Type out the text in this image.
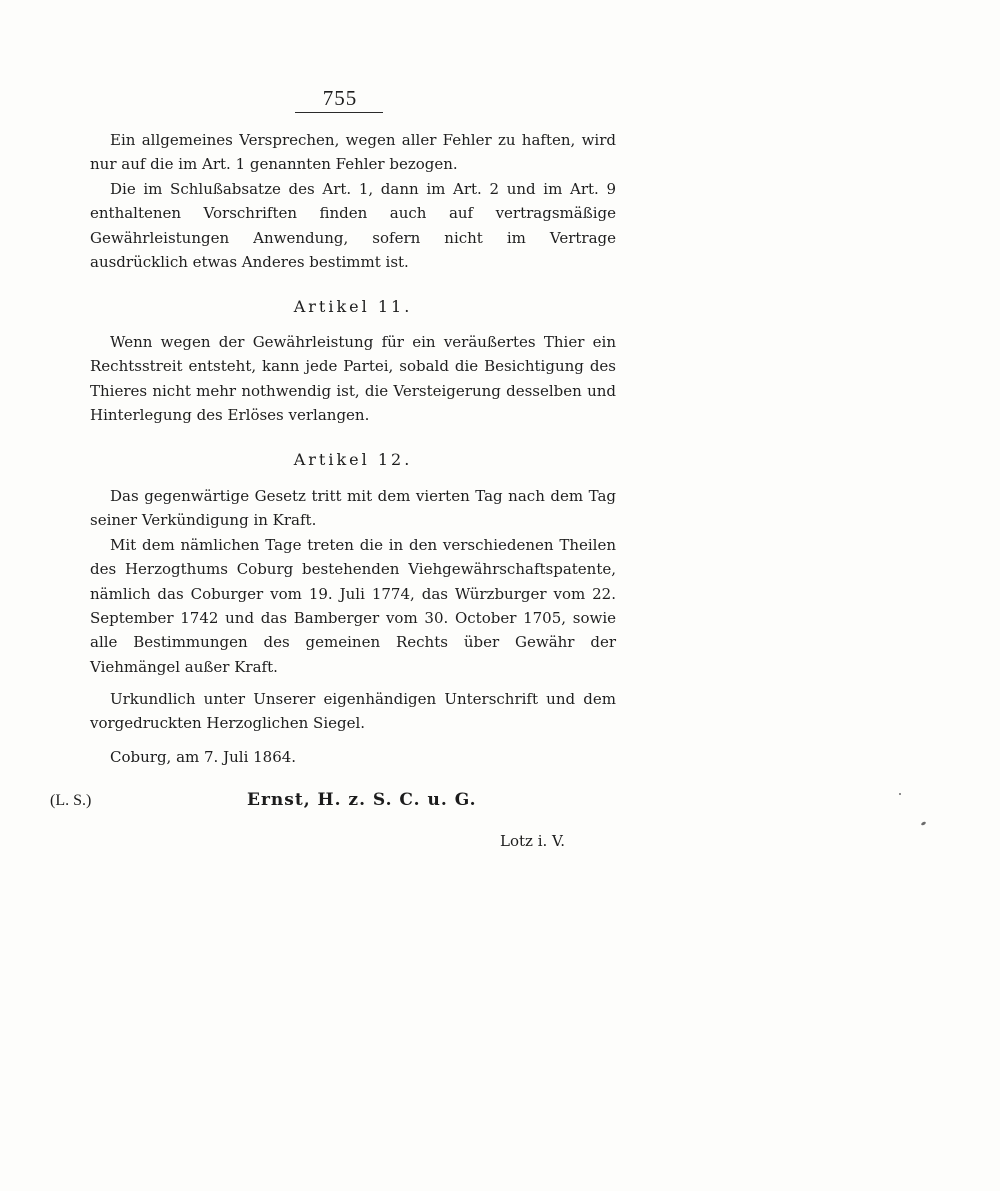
755

Ein allgemeines Versprechen, wegen aller Fehler zu haften, wird nur auf die im Art. 1 genannten Fehler bezogen.

Die im Schlußabsatze des Art. 1, dann im Art. 2 und im Art. 9 enthaltenen Vorschriften finden auch auf vertragsmäßige Gewährleistungen Anwendung, sofern nicht im Vertrage ausdrücklich etwas Anderes bestimmt ist.

Artikel 11.

Wenn wegen der Gewährleistung für ein veräußertes Thier ein Rechtsstreit entsteht, kann jede Partei, sobald die Besichtigung des Thieres nicht mehr nothwendig ist, die Versteigerung desselben und Hinterlegung des Erlöses verlangen.

Artikel 12.

Das gegenwärtige Gesetz tritt mit dem vierten Tag nach dem Tag seiner Verkündigung in Kraft.

Mit dem nämlichen Tage treten die in den verschiedenen Theilen des Herzogthums Coburg bestehenden Viehgewährschaftspatente, nämlich das Coburger vom 19. Juli 1774, das Würzburger vom 22. September 1742 und das Bamberger vom 30. October 1705, sowie alle Bestimmungen des gemeinen Rechts über Gewähr der Viehmängel außer Kraft.

Urkundlich unter Unserer eigenhändigen Unterschrift und dem vorgedruckten Herzoglichen Siegel.

Coburg, am 7. Juli 1864.
(L. S.)	Ernst, H. z. S. C. u. G.
Lotz i. V.
